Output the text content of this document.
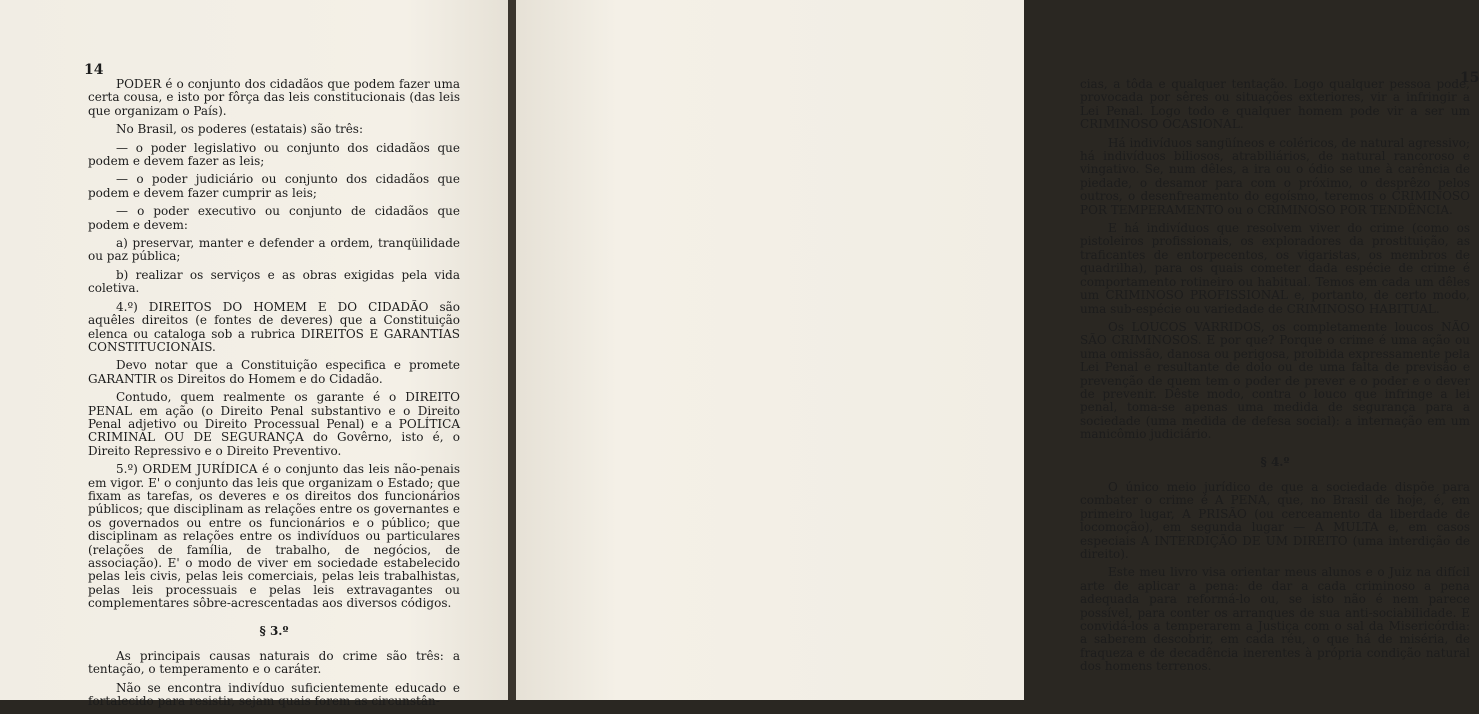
14

PODER é o conjunto dos cidadãos que podem fazer uma certa cousa, e isto por fôrça das leis constitucionais (das leis que organizam o País).

No Brasil, os poderes (estatais) são três:

— o poder legislativo ou conjunto dos cidadãos que podem e devem fazer as leis;

— o poder judiciário ou conjunto dos cidadãos que podem e devem fazer cumprir as leis;

— o poder executivo ou conjunto de cidadãos que podem e devem:

a) preservar, manter e defender a ordem, tranqüilidade ou paz pública;

b) realizar os serviços e as obras exigidas pela vida coletiva.

4.º) DIREITOS DO HOMEM E DO CIDADÃO são aquêles direitos (e fontes de deveres) que a Constituição elenca ou cataloga sob a rubrica DIREITOS E GARANTIAS CONSTITUCIONAIS.

Devo notar que a Constituição especifica e promete GARANTIR os Direitos do Homem e do Cidadão.

Contudo, quem realmente os garante é o DIREITO PENAL em ação (o Direito Penal substantivo e o Direito Penal adjetivo ou Direito Processual Penal) e a POLÍTICA CRIMINAL OU DE SEGURANÇA do Govêrno, isto é, o Direito Repressivo e o Direito Preventivo.

5.º) ORDEM JURÍDICA é o conjunto das leis não-penais em vigor. E' o conjunto das leis que organizam o Estado; que fixam as tarefas, os deveres e os direitos dos funcionários públicos; que disciplinam as relações entre os governantes e os governados ou entre os funcionários e o público; que disciplinam as relações entre os indivíduos ou particulares (relações de família, de trabalho, de negócios, de associação). E' o modo de viver em sociedade estabelecido pelas leis civis, pelas leis comerciais, pelas leis trabalhistas, pelas leis processuais e pelas leis extravagantes ou complementares sôbre-acrescentadas aos diversos códigos.

§ 3.º

As principais causas naturais do crime são três: a tentação, o temperamento e o caráter.

Não se encontra indivíduo suficientemente educado e fortalecido para resistir, sejam quais forem as circunstân-

15

cias, a tôda e qualquer tentação. Logo qualquer pessoa pode, provocada por sêres ou situações exteriores, vir a infringir a Lei Penal. Logo todo e qualquer homem pode vir a ser um CRIMINOSO OCASIONAL.

Há indivíduos sangüíneos e coléricos, de natural agressivo; há indivíduos biliosos, atrabiliários, de natural rancoroso e vingativo. Se, num dêles, a ira ou o ódio se une à carência de piedade, o desamor para com o próximo, o desprêzo pelos outros, o desenfreamento do egoísmo, teremos o CRIMINOSO POR TEMPERAMENTO ou o CRIMINOSO POR TENDÊNCIA.

E há indivíduos que resolvem viver do crime (como os pistoleiros profissionais, os exploradores da prostituição, as traficantes de entorpecentos, os vigaristas, os membros de quadrilha), para os quais cometer dada espécie de crime é comportamento rotineiro ou habitual. Temos em cada um dêles um CRIMINOSO PROFISSIONAL e, portanto, de certo modo, uma sub-espécie ou variedade de CRIMINOSO HABITUAL.

Os LOUCOS VARRIDOS, os completamente loucos NÃO SÃO CRIMINOSOS. E por que? Porque o crime é uma ação ou uma omissão, danosa ou perigosa, proibida expressamente pela Lei Penal e resultante de dolo ou de uma falta de previsão e prevenção de quem tem o poder de prever e o poder e o dever de prevenir. Dêste modo, contra o louco que infringe a lei penal, toma-se apenas uma medida de segurança para a sociedade (uma medida de defesa social): a internação em um manicômio judiciário.

§ 4.º

O único meio jurídico de que a sociedade dispõe para combater o crime é A PENA, que, no Brasil de hoje, é, em primeiro lugar, A PRISÃO (ou cerceamento da liberdade de locomoção), em segunda lugar — A MULTA e, em casos especiais A INTERDIÇÃO DE UM DIREITO (uma interdição de direito).

Este meu livro visa orientar meus alunos e o Juiz na difícil arte de aplicar a pena: de dar a cada criminoso a pena adequada para reformá-lo ou, se isto não é nem parece possível, para conter os arranques de sua anti-sociabilidade. E convidá-los a temperarem a Justiça com o sal da Misericórdia: a saberem descobrir, em cada réu, o que há de miséria, de fraqueza e de decadência inerentes à própria condição natural dos homens terrenos.
